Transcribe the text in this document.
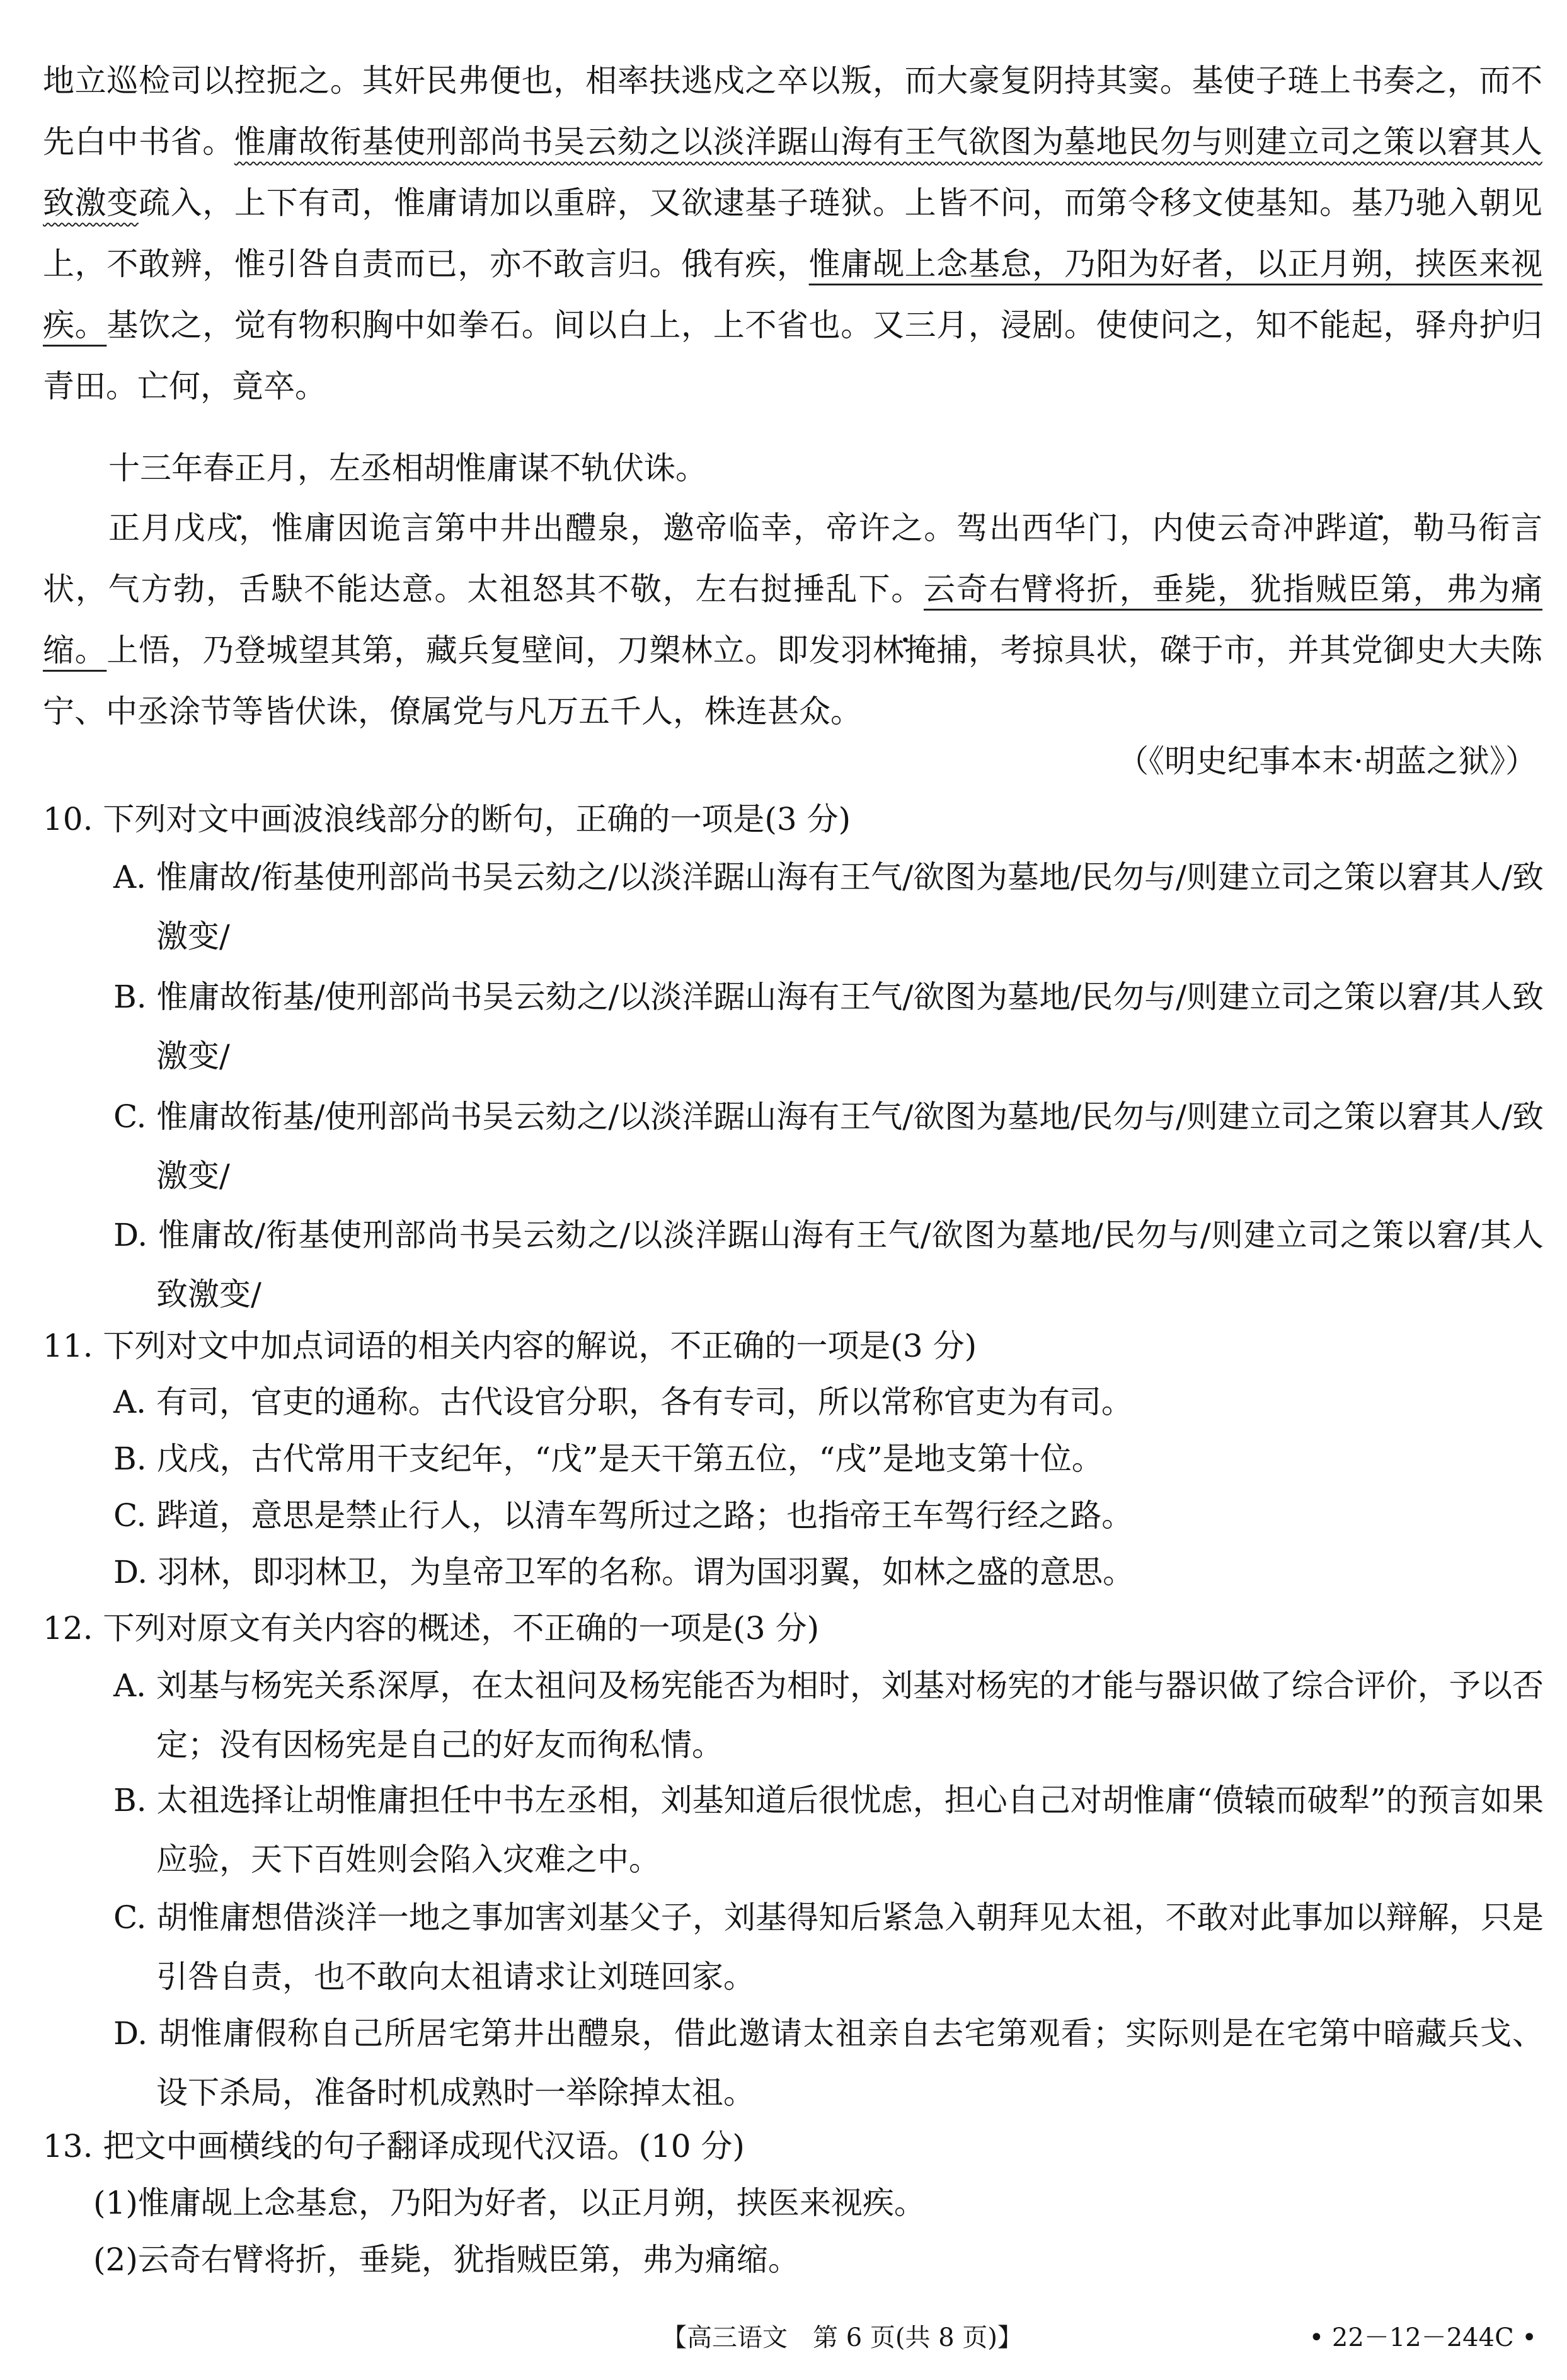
地立巡检司以控扼之。其奸民弗便也，相率扶逃戍之卒以叛，而大豪复阴持其窦。基使子琏上书奏之，而不先白中书省。惟庸故衔基使刑部尚书吴云劾之以淡洋踞山海有王气欲图为墓地民勿与则建立司之策以窘其人致激变疏入，上下有司，惟庸请加以重辟，又欲逮基子琏狱。上皆不问，而第令移文使基知。基乃驰入朝见上，不敢辨，惟引咎自责而已，亦不敢言归。俄有疾，惟庸觇上念基怠，乃阳为好者，以正月朔，挟医来视疾。基饮之，觉有物积胸中如拳石。间以白上，上不省也。又三月，浸剧。使使问之，知不能起，驿舟护归青田。亡何，竟卒。
十三年春正月，左丞相胡惟庸谋不轨伏诛。
正月戊戌，惟庸因诡言第中井出醴泉，邀帝临幸，帝许之。驾出西华门，内使云奇冲跸道，勒马衔言状，气方勃，舌駃不能达意。太祖怒其不敬，左右挝捶乱下。云奇右臂将折，垂毙，犹指贼臣第，弗为痛缩。上悟，乃登城望其第，藏兵复壁间，刀槊林立。即发羽林掩捕，考掠具状，磔于市，并其党御史大夫陈宁、中丞涂节等皆伏诛，僚属党与凡万五千人，株连甚众。
（《明史纪事本末·胡蓝之狱》）
10. 下列对文中画波浪线部分的断句，正确的一项是(3 分)
A. 惟庸故/衔基使刑部尚书吴云劾之/以淡洋踞山海有王气/欲图为墓地/民勿与/则建立司之策以窘其人/致激变/
B. 惟庸故衔基/使刑部尚书吴云劾之/以淡洋踞山海有王气/欲图为墓地/民勿与/则建立司之策以窘/其人致激变/
C. 惟庸故衔基/使刑部尚书吴云劾之/以淡洋踞山海有王气/欲图为墓地/民勿与/则建立司之策以窘其人/致激变/
D. 惟庸故/衔基使刑部尚书吴云劾之/以淡洋踞山海有王气/欲图为墓地/民勿与/则建立司之策以窘/其人致激变/
11. 下列对文中加点词语的相关内容的解说，不正确的一项是(3 分)
A. 有司，官吏的通称。古代设官分职，各有专司，所以常称官吏为有司。
B. 戊戌，古代常用干支纪年，“戊”是天干第五位，“戌”是地支第十位。
C. 跸道，意思是禁止行人，以清车驾所过之路；也指帝王车驾行经之路。
D. 羽林，即羽林卫，为皇帝卫军的名称。谓为国羽翼，如林之盛的意思。
12. 下列对原文有关内容的概述，不正确的一项是(3 分)
A. 刘基与杨宪关系深厚，在太祖问及杨宪能否为相时，刘基对杨宪的才能与器识做了综合评价，予以否定；没有因杨宪是自己的好友而徇私情。
B. 太祖选择让胡惟庸担任中书左丞相，刘基知道后很忧虑，担心自己对胡惟庸“偾辕而破犁”的预言如果应验，天下百姓则会陷入灾难之中。
C. 胡惟庸想借淡洋一地之事加害刘基父子，刘基得知后紧急入朝拜见太祖，不敢对此事加以辩解，只是引咎自责，也不敢向太祖请求让刘琏回家。
D. 胡惟庸假称自己所居宅第井出醴泉，借此邀请太祖亲自去宅第观看；实际则是在宅第中暗藏兵戈、设下杀局，准备时机成熟时一举除掉太祖。
13. 把文中画横线的句子翻译成现代汉语。(10 分)
(1)惟庸觇上念基怠，乃阳为好者，以正月朔，挟医来视疾。
(2)云奇右臂将折，垂毙，犹指贼臣第，弗为痛缩。
【高三语文　第 6 页(共 8 页)】	• 22－12－244C •
